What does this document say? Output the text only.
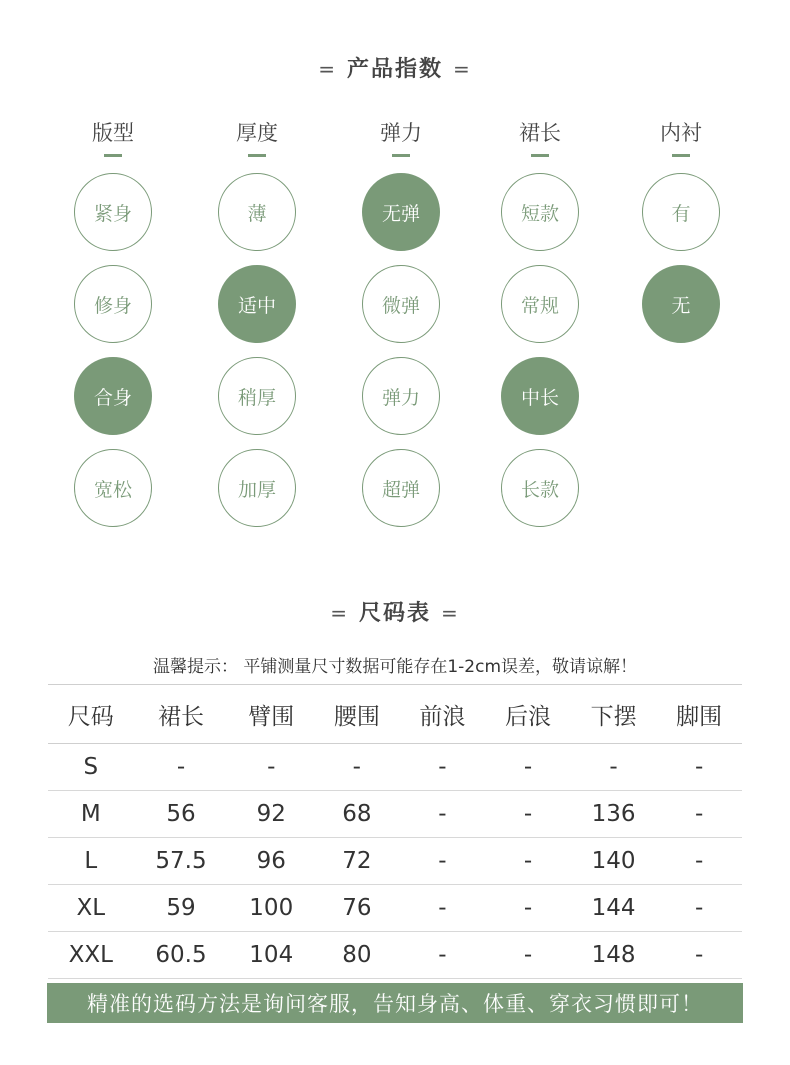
= 产品指数 =
版型
紧身
修身
合身
宽松
厚度
薄
适中
稍厚
加厚
弹力
无弹
微弹
弹力
超弹
裙长
短款
常规
中长
长款
内衬
有
无
= 尺码表 =
温馨提示： 平铺测量尺寸数据可能存在1-2cm误差，敬请谅解！
尺码	裙长	臂围	腰围	前浪	后浪	下摆	脚围
S	-	-	-	-	-	-	-
M	56	92	68	-	-	136	-
L	57.5	96	72	-	-	140	-
XL	59	100	76	-	-	144	-
XXL	60.5	104	80	-	-	148	-
精准的选码方法是询问客服，告知身高、体重、穿衣习惯即可！
